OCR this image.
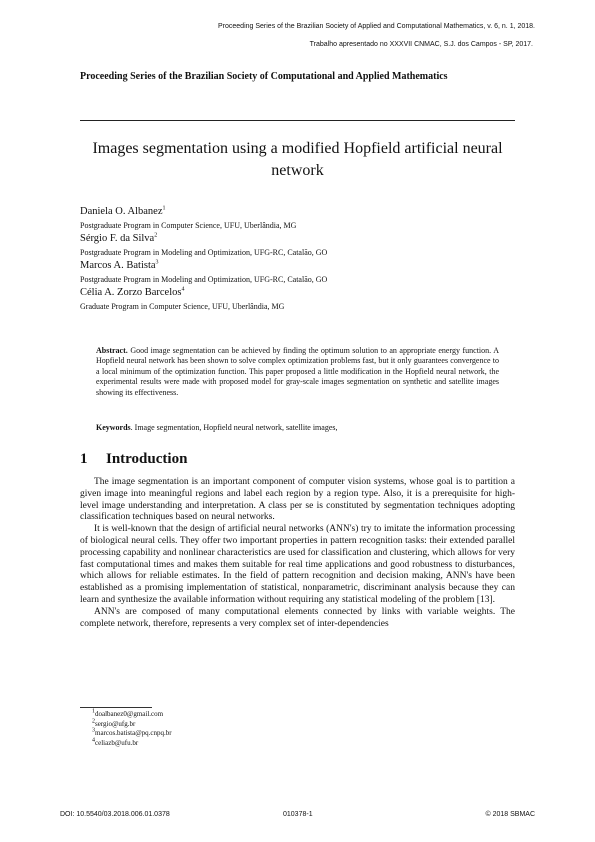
Proceeding Series of the Brazilian Society of Applied and Computational Mathematics, v. 6, n. 1, 2018.
Trabalho apresentado no XXXVII CNMAC, S.J. dos Campos - SP, 2017.
Proceeding Series of the Brazilian Society of Computational and Applied Mathematics
Images segmentation using a modified Hopfield artificial neural network
Daniela O. Albanez$^1$
Postgraduate Program in Computer Science, UFU, Uberlândia, MG
Sérgio F. da Silva$^2$
Postgraduate Program in Modeling and Optimization, UFG-RC, Catalão, GO
Marcos A. Batista$^3$
Postgraduate Program in Modeling and Optimization, UFG-RC, Catalão, GO
Célia A. Zorzo Barcelos$^4$
Graduate Program in Computer Science, UFU, Uberlândia, MG
Abstract. Good image segmentation can be achieved by finding the optimum solution to an appropriate energy function. A Hopfield neural network has been shown to solve complex optimization problems fast, but it only guarantees convergence to a local minimum of the optimization function. This paper proposed a little modification in the Hopfield neural network, the experimental results were made with proposed model for gray-scale images segmentation on synthetic and satellite images showing its effectiveness.
Keywords. Image segmentation, Hopfield neural network, satellite images,
1 Introduction

The image segmentation is an important component of computer vision systems, whose goal is to partition a given image into meaningful regions and label each region by a region type. Also, it is a prerequisite for high-level image understanding and interpretation. A class per se is constituted by segmentation techniques adopting classification techniques based on neural networks.

It is well-known that the design of artificial neural networks (ANN's) try to imitate the information processing of biological neural cells. They offer two important properties in pattern recognition tasks: their extended parallel processing capability and nonlinear characteristics are used for classification and clustering, which allows for very fast computational times and makes them suitable for real time applications and good robustness to disturbances, which allows for reliable estimates. In the field of pattern recognition and decision making, ANN's have been established as a promising implementation of statistical, nonparametric, discriminant analysis because they can learn and synthesize the available information without requiring any statistical modeling of the problem [13].

ANN's are composed of many computational elements connected by links with variable weights. The complete network, therefore, represents a very complex set of inter-dependencies

$^1$doalbanez0@gmail.com
$^2$sergio@ufg.br
$^3$marcos.batista@pq.cnpq.br
$^4$celiazb@ufu.br
DOI: 10.5540/03.2018.006.01.0378	010378-1	© 2018 SBMAC
